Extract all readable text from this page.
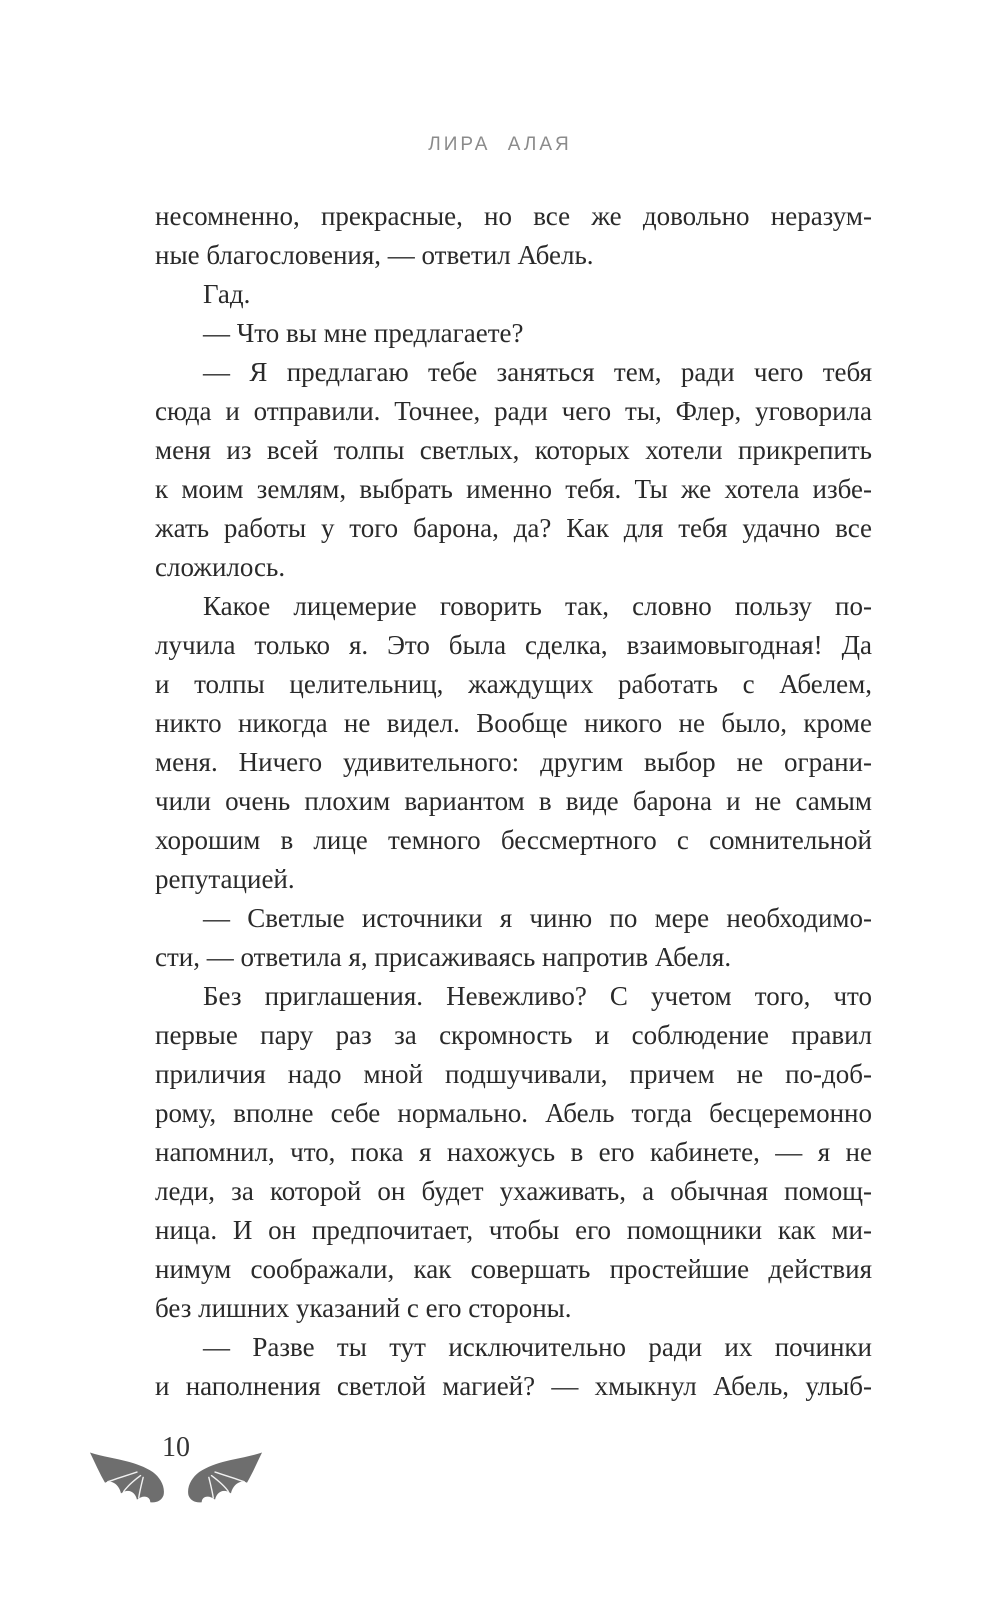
ЛИРА АЛАЯ
несомненно, прекрасные, но все же довольно неразум-
ные благословения, — ответил Абель.
Гад.
— Что вы мне предлагаете?
— Я предлагаю тебе заняться тем, ради чего тебя
сюда и отправили. Точнее, ради чего ты, Флер, уговорила
меня из всей толпы светлых, которых хотели прикрепить
к моим землям, выбрать именно тебя. Ты же хотела избе-
жать работы у того барона, да? Как для тебя удачно все
сложилось.
Какое лицемерие говорить так, словно пользу по-
лучила только я. Это была сделка, взаимовыгодная! Да
и толпы целительниц, жаждущих работать с Абелем,
никто никогда не видел. Вообще никого не было, кроме
меня. Ничего удивительного: другим выбор не ограни-
чили очень плохим вариантом в виде барона и не самым
хорошим в лице темного бессмертного с сомнительной
репутацией.
— Светлые источники я чиню по мере необходимо-
сти, — ответила я, присаживаясь напротив Абеля.
Без приглашения. Невежливо? С учетом того, что
первые пару раз за скромность и соблюдение правил
приличия надо мной подшучивали, причем не по-доб-
рому, вполне себе нормально. Абель тогда бесцеремонно
напомнил, что, пока я нахожусь в его кабинете, — я не
леди, за которой он будет ухаживать, а обычная помощ-
ница. И он предпочитает, чтобы его помощники как ми-
нимум соображали, как совершать простейшие действия
без лишних указаний с его стороны.
— Разве ты тут исключительно ради их починки
и наполнения светлой магией? — хмыкнул Абель, улыб-
10
